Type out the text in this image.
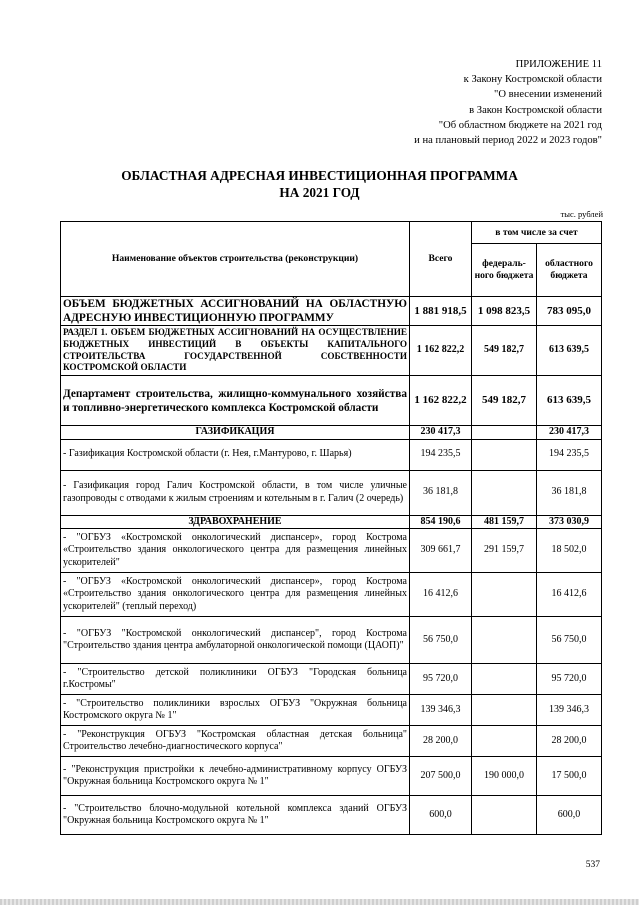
ПРИЛОЖЕНИЕ 11
к Закону Костромской области
"О внесении изменений
в Закон Костромской области
"Об областном бюджете на 2021 год
и на плановый период 2022 и 2023 годов"
ОБЛАСТНАЯ АДРЕСНАЯ ИНВЕСТИЦИОННАЯ ПРОГРАММА
НА 2021 ГОД
тыс. рублей
Наименование объектов строительства (реконструкции)	Всего	в том числе за счет	
		федераль-ного бюджета	областного бюджета
ОБЪЕМ БЮДЖЕТНЫХ АССИГНОВАНИЙ НА ОБЛАСТНУЮ АДРЕСНУЮ ИНВЕСТИЦИОННУЮ ПРОГРАММУ	1 881 918,5	1 098 823,5	783 095,0
РАЗДЕЛ 1. ОБЪЕМ БЮДЖЕТНЫХ АССИГНОВАНИЙ НА ОСУЩЕСТВЛЕНИЕ БЮДЖЕТНЫХ ИНВЕСТИЦИЙ В ОБЪЕКТЫ КАПИТАЛЬНОГО СТРОИТЕЛЬСТВА ГОСУДАРСТВЕННОЙ СОБСТВЕННОСТИ КОСТРОМСКОЙ ОБЛАСТИ	1 162 822,2	549 182,7	613 639,5
Департамент строительства, жилищно-коммунального хозяйства и топливно-энергетического комплекса Костромской области	1 162 822,2	549 182,7	613 639,5
ГАЗИФИКАЦИЯ	230 417,3		230 417,3
- Газификация Костромской области (г. Нея, г.Мантурово, г. Шарья)	194 235,5		194 235,5
- Газификация город Галич Костромской области, в том числе уличные газопроводы с отводами к жилым строениям и котельным в г. Галич (2 очередь)	36 181,8		36 181,8
ЗДРАВОХРАНЕНИЕ	854 190,6	481 159,7	373 030,9
- "ОГБУЗ «Костромской онкологический диспансер», город Кострома «Строительство здания онкологического центра для размещения линейных ускорителей"	309 661,7	291 159,7	18 502,0
- "ОГБУЗ «Костромской онкологический диспансер», город Кострома «Строительство здания онкологического центра для размещения линейных ускорителей" (теплый переход)	16 412,6		16 412,6
- "ОГБУЗ "Костромской онкологический диспансер", город Кострома "Строительство здания центра амбулаторной онкологической помощи (ЦАОП)"	56 750,0		56 750,0
- "Строительство детской поликлиники ОГБУЗ "Городская больница г.Костромы"	95 720,0		95 720,0
- "Строительство поликлиники взрослых ОГБУЗ "Окружная больница Костромского округа № 1"	139 346,3		139 346,3
- "Реконструкция ОГБУЗ "Костромская областная детская больница" Строительство лечебно-диагностического корпуса"	28 200,0		28 200,0
- "Реконструкция пристройки к лечебно-административному корпусу ОГБУЗ "Окружная больница Костромского округа № 1"	207 500,0	190 000,0	17 500,0
- "Строительство блочно-модульной котельной комплекса зданий ОГБУЗ "Окружная больница Костромского округа № 1"	600,0		600,0
537
